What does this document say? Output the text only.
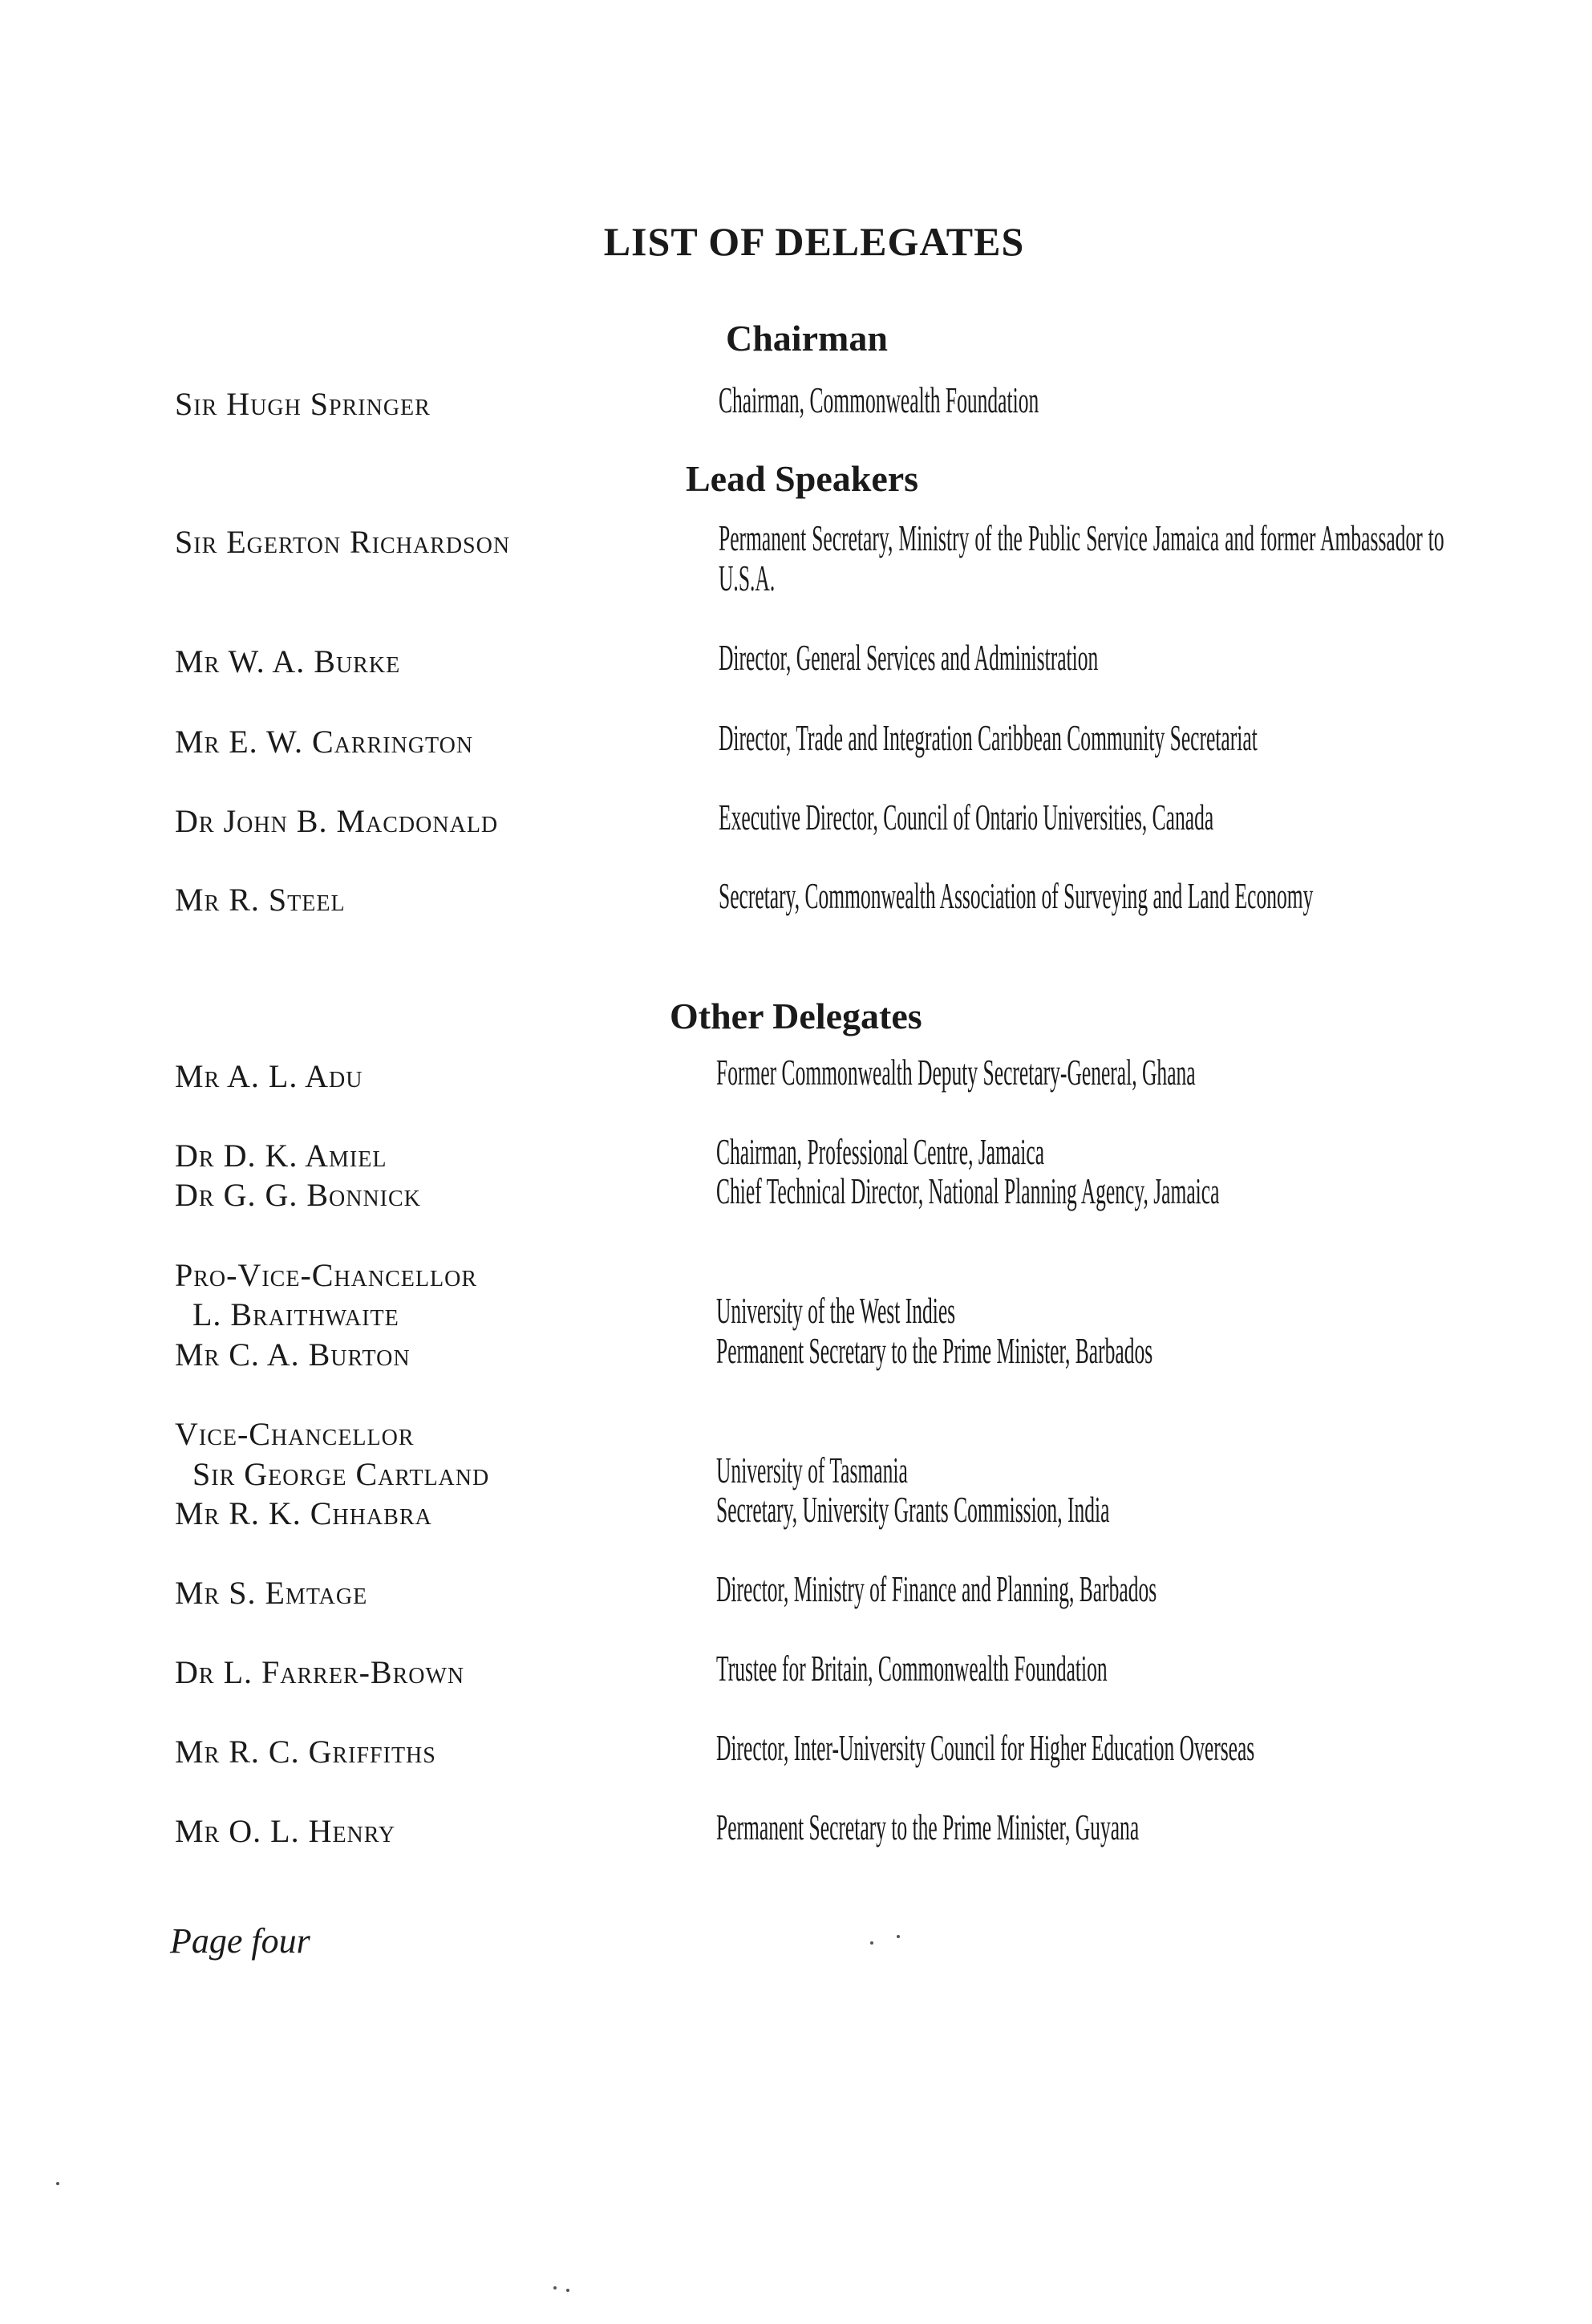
LIST OF DELEGATES
Chairman
Sir Hugh Springer	Chairman, Commonwealth Foundation
Lead Speakers
Sir Egerton Richardson	Permanent Secretary, Ministry of the Public Service Jamaica and former Ambassador to U.S.A.
Mr W. A. Burke	Director, General Services and Administration
Mr E. W. Carrington	Director, Trade and Integration Caribbean Community Secretariat
Dr John B. Macdonald	Executive Director, Council of Ontario Universities, Canada
Mr R. Steel	Secretary, Commonwealth Association of Surveying and Land Economy
Other Delegates
Mr A. L. Adu	Former Commonwealth Deputy Secretary-General, Ghana
Dr D. K. Amiel	Chairman, Professional Centre, Jamaica
Dr G. G. Bonnick	Chief Technical Director, National Planning Agency, Jamaica
Pro-Vice-Chancellor
L. Braithwaite	University of the West Indies
Mr C. A. Burton	Permanent Secretary to the Prime Minister, Barbados
Vice-Chancellor
Sir George Cartland	University of Tasmania
Mr R. K. Chhabra	Secretary, University Grants Commission, India
Mr S. Emtage	Director, Ministry of Finance and Planning, Barbados
Dr L. Farrer-Brown	Trustee for Britain, Commonwealth Foundation
Mr R. C. Griffiths	Director, Inter-University Council for Higher Education Overseas
Mr O. L. Henry	Permanent Secretary to the Prime Minister, Guyana
Page four
